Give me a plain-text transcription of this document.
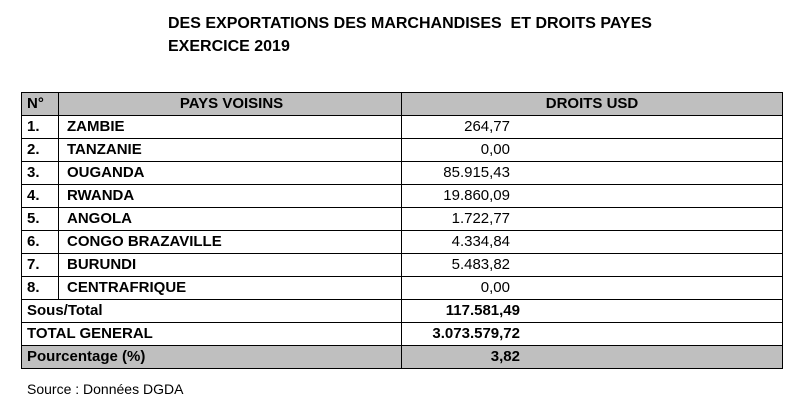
DES EXPORTATIONS DES MARCHANDISES  ET DROITS PAYES
EXERCICE 2019
N°	PAYS VOISINS	DROITS USD
1.	ZAMBIE	264,77
2.	TANZANIE	0,00
3.	OUGANDA	85.915,43
4.	RWANDA	19.860,09
5.	ANGOLA	1.722,77
6.	CONGO BRAZAVILLE	4.334,84
7.	BURUNDI	5.483,82
8.	CENTRAFRIQUE	0,00
Sous/Total		117.581,49
TOTAL GENERAL		3.073.579,72
Pourcentage (%)		3,82
Source : Données DGDA
